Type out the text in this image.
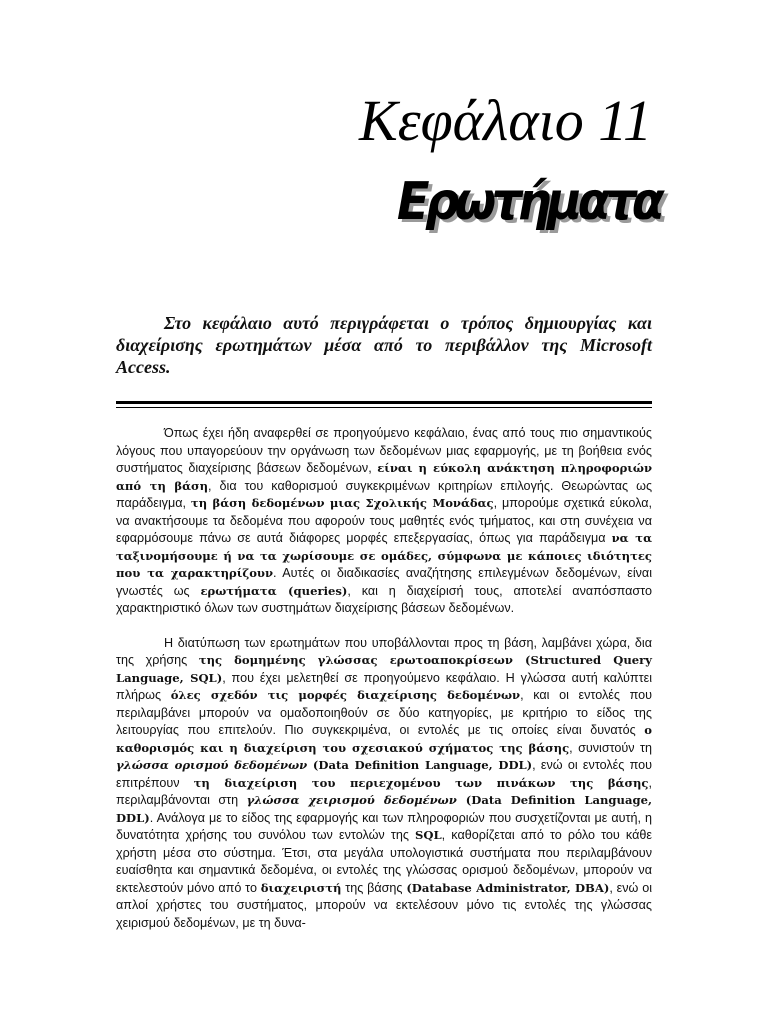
Κεφάλαιο 11
Ερωτήματα

Στο κεφάλαιο αυτό περιγράφεται ο τρόπος δημιουργίας και διαχείρισης ερωτημάτων μέσα από το περιβάλλον της Microsoft Access.

Όπως έχει ήδη αναφερθεί σε προηγούμενο κεφάλαιο, ένας από τους πιο σημαντικούς λόγους που υπαγορεύουν την οργάνωση των δεδομένων μιας εφαρμογής, με τη βοήθεια ενός συστήματος διαχείρισης βάσεων δεδομένων, είναι η εύκολη ανάκτηση πληροφοριών από τη βάση, δια του καθορισμού συγκεκριμένων κριτηρίων επιλογής. Θεωρώντας ως παράδειγμα, τη βάση δεδομένων μιας Σχολικής Μονάδας, μπορούμε σχετικά εύκολα, να ανακτήσουμε τα δεδομένα που αφορούν τους μαθητές ενός τμήματος, και στη συνέχεια να εφαρμόσουμε πάνω σε αυτά διάφορες μορφές επεξεργασίας, όπως για παράδειγμα να τα ταξινομήσουμε ή να τα χωρίσουμε σε ομάδες, σύμφωνα με κάποιες ιδιότητες που τα χαρακτηρίζουν. Αυτές οι διαδικασίες αναζήτησης επιλεγμένων δεδομένων, είναι γνωστές ως ερωτήματα (queries), και η διαχείρισή τους, αποτελεί αναπόσπαστο χαρακτηριστικό όλων των συστημάτων διαχείρισης βάσεων δεδομένων.

Η διατύπωση των ερωτημάτων που υποβάλλονται προς τη βάση, λαμβάνει χώρα, δια της χρήσης της δομημένης γλώσσας ερωτοαποκρίσεων (Structured Query Language, SQL), που έχει μελετηθεί σε προηγούμενο κεφάλαιο. Η γλώσσα αυτή καλύπτει πλήρως όλες σχεδόν τις μορφές διαχείρισης δεδομένων, και οι εντολές που περιλαμβάνει μπορούν να ομαδοποιηθούν σε δύο κατηγορίες, με κριτήριο το είδος της λειτουργίας που επιτελούν. Πιο συγκεκριμένα, οι εντολές με τις οποίες είναι δυνατός ο καθορισμός και η διαχείριση του σχεσιακού σχήματος της βάσης, συνιστούν τη γλώσσα ορισμού δεδομένων (Data Definition Language, DDL), ενώ οι εντολές που επιτρέπουν τη διαχείριση του περιεχομένου των πινάκων της βάσης, περιλαμβάνονται στη γλώσσα χειρισμού δεδομένων (Data Definition Language, DDL). Ανάλογα με το είδος της εφαρμογής και των πληροφοριών που συσχετίζονται με αυτή, η δυνατότητα χρήσης του συνόλου των εντολών της SQL, καθορίζεται από το ρόλο του κάθε χρήστη μέσα στο σύστημα. Έτσι, στα μεγάλα υπολογιστικά συστήματα που περιλαμβάνουν ευαίσθητα και σημαντικά δεδομένα, οι εντολές της γλώσσας ορισμού δεδομένων, μπορούν να εκτελεστούν μόνο από το διαχειριστή της βάσης (Database Administrator, DBA), ενώ οι απλοί χρήστες του συστήματος, μπορούν να εκτελέσουν μόνο τις εντολές της γλώσσας χειρισμού δεδομένων, με τη δυνα-
